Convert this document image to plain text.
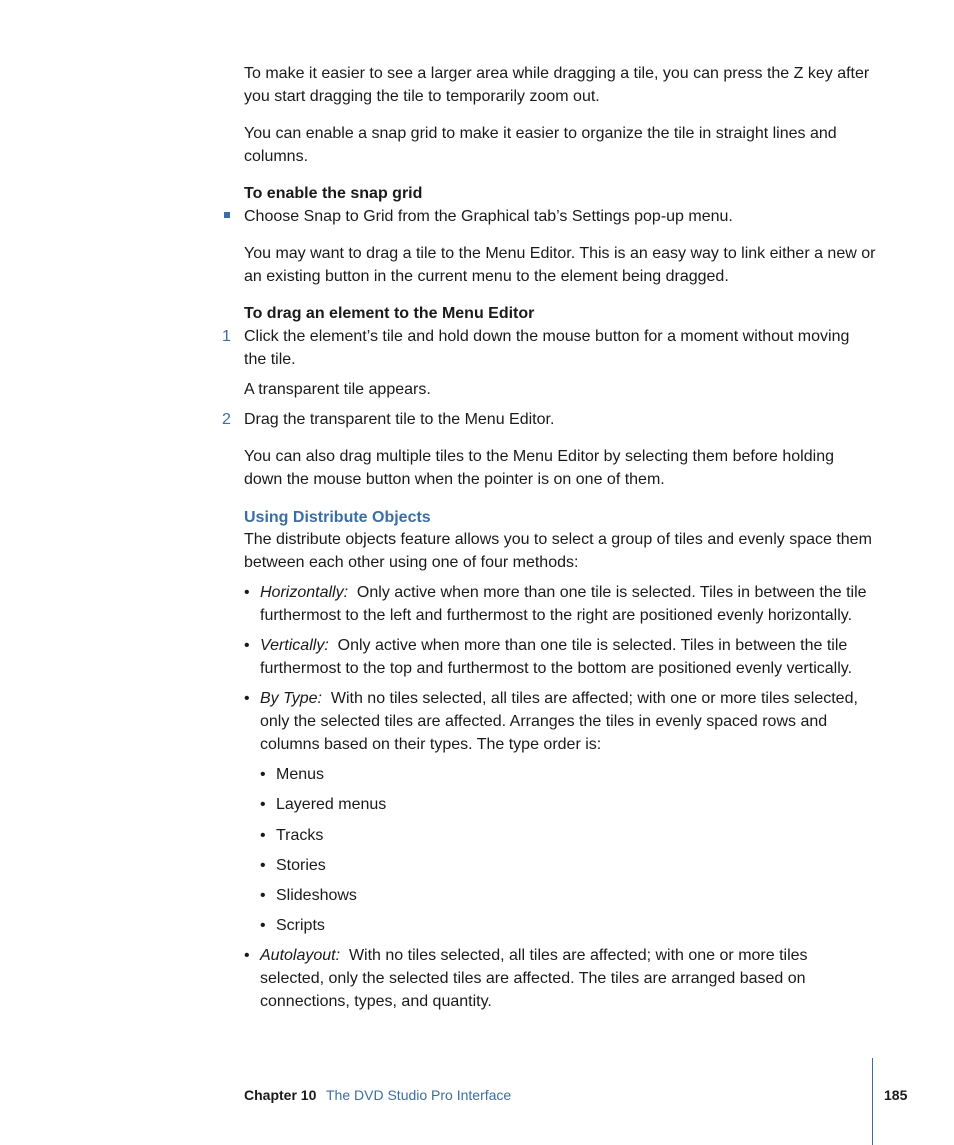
To make it easier to see a larger area while dragging a tile, you can press the Z key after you start dragging the tile to temporarily zoom out.

You can enable a snap grid to make it easier to organize the tile in straight lines and columns.

To enable the snap grid

Choose Snap to Grid from the Graphical tab’s Settings pop-up menu.

You may want to drag a tile to the Menu Editor. This is an easy way to link either a new or an existing button in the current menu to the element being dragged.

To drag an element to the Menu Editor

1 Click the element’s tile and hold down the mouse button for a moment without moving the tile.

A transparent tile appears.

2 Drag the transparent tile to the Menu Editor.

You can also drag multiple tiles to the Menu Editor by selecting them before holding down the mouse button when the pointer is on one of them.

Using Distribute Objects

The distribute objects feature allows you to select a group of tiles and evenly space them between each other using one of four methods:

• Horizontally: Only active when more than one tile is selected. Tiles in between the tile furthermost to the left and furthermost to the right are positioned evenly horizontally.

• Vertically: Only active when more than one tile is selected. Tiles in between the tile furthermost to the top and furthermost to the bottom are positioned evenly vertically.

• By Type: With no tiles selected, all tiles are affected; with one or more tiles selected, only the selected tiles are affected. Arranges the tiles in evenly spaced rows and columns based on their types. The type order is:

• Menus

• Layered menus

• Tracks

• Stories

• Slideshows

• Scripts

• Autolayout: With no tiles selected, all tiles are affected; with one or more tiles selected, only the selected tiles are affected. The tiles are arranged based on connections, types, and quantity.

Chapter 10 The DVD Studio Pro Interface	185
